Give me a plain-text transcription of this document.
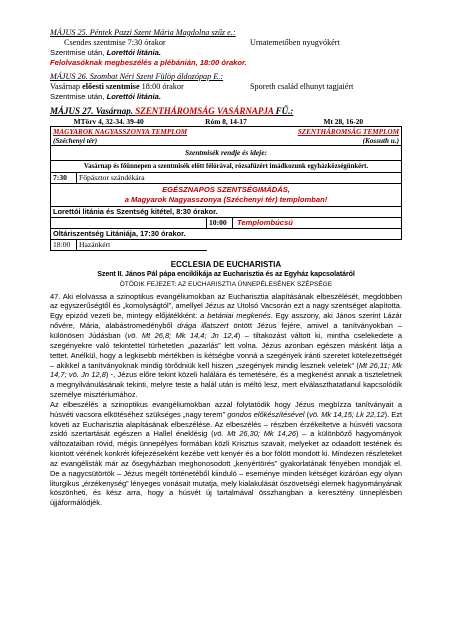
MÁJUS 25. Péntek Pazzi Szent Mária Magdolna szűz e.:
Csendes szentmise 7:30 órakor	Urnatemetőben nyugvókért
Szentmise után, Lorettói litánia.
Felolvasóknak megbeszélés a plébánián, 18:00 órakor.
MÁJUS 26. Szombat Néri Szent Fülöp áldozópap E.:
Vasárnap előesti szentmise 18:00 órakor	Sporeth család elhunyt tagjaiért
Szentmise után, Lorettói litánia.
MÁJUS 27. Vasárnap. SZENTHÁROMSÁG VASÁRNAPJA FŰ.:
MTörv 4, 32-34. 39-40	Róm 8, 14-17	Mt 28, 16-20
MAGYAROK NAGYASSZONYA TEMPLOM SZENTHÁROMSÁG TEMPLOM
(Széchenyi tér) (Kossuth u.)		

Szentmisék rendje és ideje:		
Vasárnap és főünnepen a szentmisék előtt félórával, rózsafüzért imádkozunk egyházközségünkért.		
7:30	Főpásztor szándékára	

EGÉSZNAPOS SZENTSÉGIMÁDÁS,
a Magyarok Nagyasszonya (Széchenyi tér) templomban!		

Lorettói litánia és Szentség kitétel, 8:30 órakor.		

		10:00 Templombúcsú

Oltáriszentség Litániája, 17:30 órakor.		
18:00	Hazánkért	
ECCLESIA DE EUCHARISTIA
Szent II. János Pál pápa enciklikája az Eucharisztia és az Egyház kapcsolatáról
ÖTÖDIK FEJEZET: AZ EUCHARISZTIA ÜNNEPÉLESÉNEK SZÉPSÉGE

47. Aki elolvassa a szinoptikus evangéliumokban az Eucharisztia alapításának elbeszélését, megdöbben az egyszerűségtől és „komolyságtól”, amellyel Jézus az Utolsó Vacsorán ezt a nagy szentséget alapította. Egy epizód vezeti be, mintegy előjátékként: a betániai megkenés. Egy asszony, aki János szerint Lázár nővére, Mária, alabástromedényből drága illatszert öntött Jézus fejére, amivel a tanítványokban – különösen Júdásban (vö. Mt 26,8; Mk 14,4; Jn 12,4) – tiltakozást váltott ki, mintha cselekedete a szegényekre való tekintettel türhetetlen „pazarlás” lett volna. Jézus azonban egészen másként látja a tettet. Anélkül, hogy a legkisebb mértékben is kétségbe vonná a szegények iránti szeretet kötelezettségét – akikkel a tanítványoknak mindig törődniük kell hiszen „szegények mindig lesznek veletek” (Mt 26,11; Mk 14,7; vö. Jn 12,8) -, Jézus előre tekint közeli halálára és temetésére, és a megkenést annak a tiszteletnek a megnyilvánulásának tekinti, melyre teste a halál után is méltó lesz, mert elválaszthatatlanul kapcsolódik személye misztériumához.

Az elbeszélés a szinoptikus evangéliumokban azzal folytatódik hogy Jézus megbízza tanítványait a húsvéti vacsora elkötéséhez szükséges „nagy terem” gondos előkészítésével (vö. Mk 14,15; Lk 22,12). Ezt követi az Eucharisztia alapításának elbeszélése. Az elbeszélés – részben érzékeltetve a húsvéti vacsora zsidó szertartását egészen a Hallel éneklésig (vö. Mt 26,30; Mk 14,26) – a különböző hagyományok változataiban rövid, mégis ünnepélyes formában közli Krisztus szavait, melyeket az odaadott testének és kiontott vérének konkrét kifejezéseként kezébe vett kenyér és a bor fölött mondott ki. Mindezen részleteket az evangélisták már az ősegyházban meghonosodott „kenyértörés” gyakorlatának fényében mondják el. De a nagycsütörtök – Jézus megélt történetéből kiinduló – eseménye minden kétséget kizáróan egy olyan liturgikus „érzékenység” lényeges vonásait mutatja, mely kialakulását ószövetségi elemek hagyományának köszönheti, és kész arra, hogy a húsvét új tartalmával összhangban a keresztény ünneplésben újjáformálódjék.
